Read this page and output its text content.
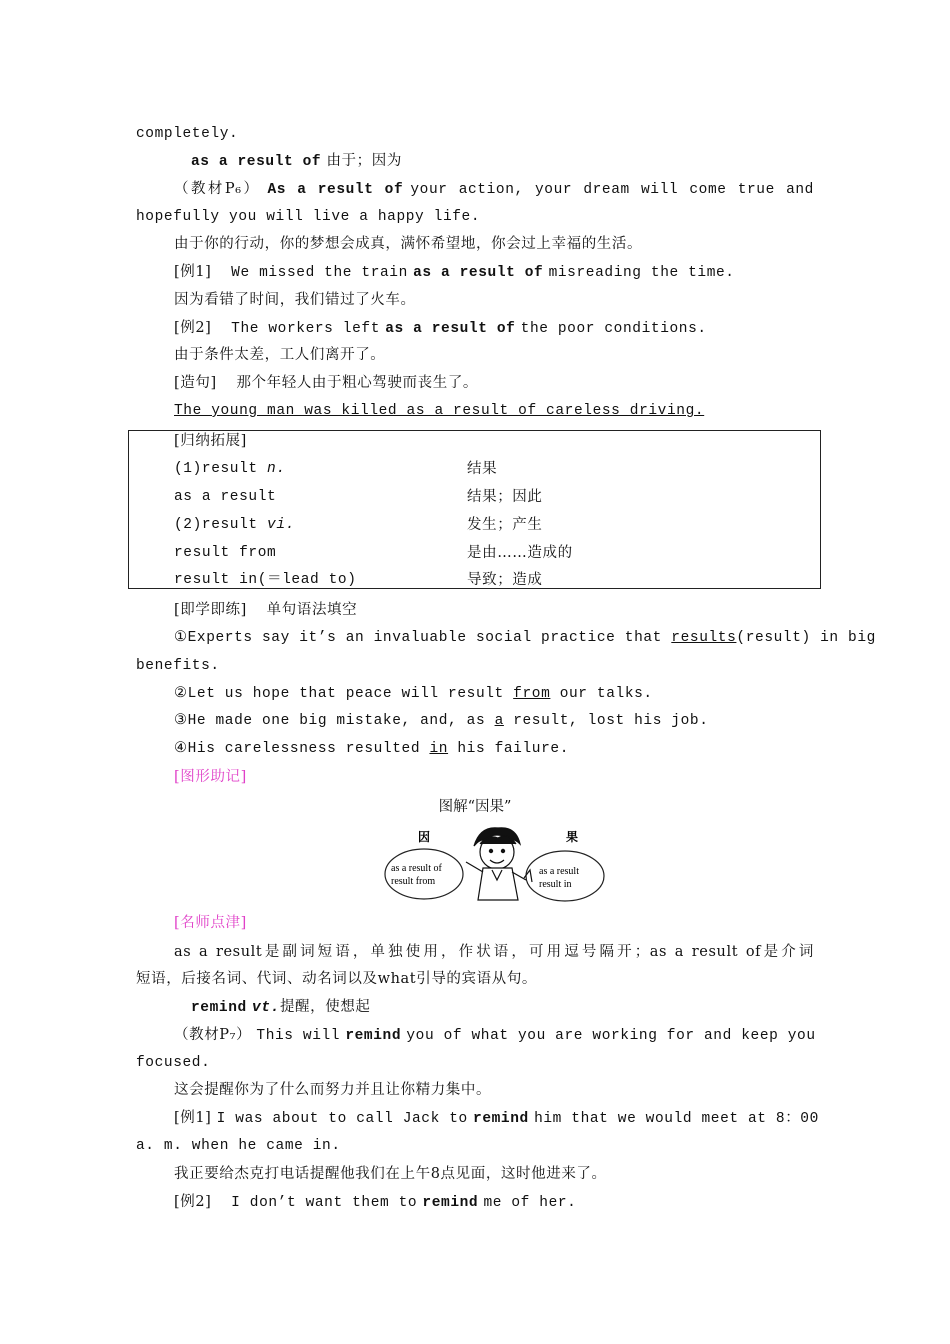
completely.
as a result of 由于；因为
（教材P₆） As a result of your action, your dream will come true and
hopefully you will live a happy life.
由于你的行动，你的梦想会成真，满怀希望地，你会过上幸福的生活。
[例1] We missed the train as a result of misreading the time.
因为看错了时间，我们错过了火车。
[例2] The workers left as a result of the poor conditions.
由于条件太差，工人们离开了。
[造句] 那个年轻人由于粗心驾驶而丧生了。
The young man was killed as a result of careless driving.
[归纳拓展]
(1)result n.	结果
as a result	结果；因此
(2)result vi.	发生；产生
result from	是由……造成的
result in(＝lead to)	导致；造成
[即学即练] 单句语法填空
①Experts say it’s an invaluable social practice that results(result) in big
benefits.
②Let us hope that peace will result from our talks.
③He made one big mistake, and, as a result, lost his job.
④His carelessness resulted in his failure.
[图形助记]
图解“因果”
因	果
as a result of
result from
as a result
result in
[名师点津]
as a result是副词短语，单独使用，作状语，可用逗号隔开；as a result of是介词
短语，后接名词、代词、动名词以及what引导的宾语从句。
remind vt.提醒，使想起
（教材P₇） This will remind you of what you are working for and keep you
focused.
这会提醒你为了什么而努力并且让你精力集中。
[例1] I was about to call Jack to remind him that we would meet at 8：00
a. m. when he came in.
我正要给杰克打电话提醒他我们在上午8点见面，这时他进来了。
[例2] I don’t want them to remind me of her.
